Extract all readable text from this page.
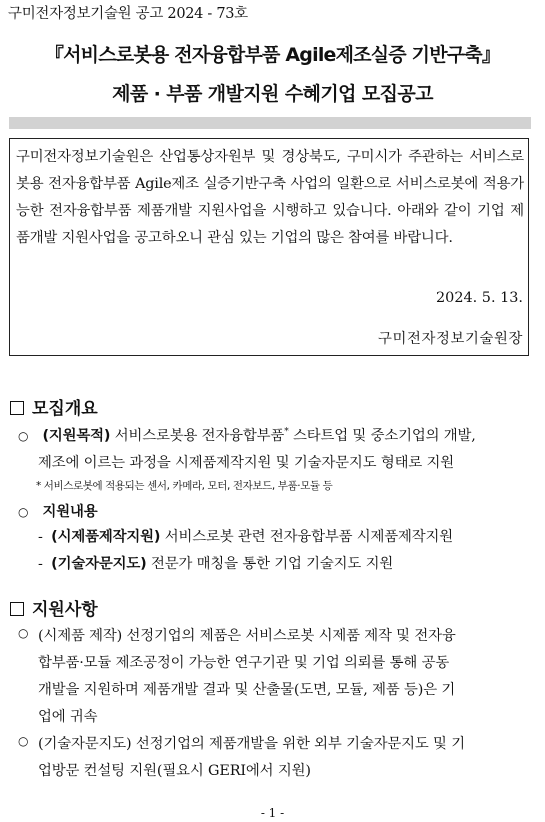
구미전자정보기술원 공고 2024 - 73호
『서비스로봇용 전자융합부품 Agile제조실증 기반구축』
제품 · 부품 개발지원 수혜기업 모집공고
구미전자정보기술원은 산업통상자원부 및 경상북도, 구미시가 주관하는 서비스로봇용 전자융합부품 Agile제조 실증기반구축 사업의 일환으로 서비스로봇에 적용가능한 전자융합부품 제품개발 지원사업을 시행하고 있습니다. 아래와 같이 기업 제품개발 지원사업을 공고하오니 관심 있는 기업의 많은 참여를 바랍니다.
2024. 5. 13.
구미전자정보기술원장
모집개요
○ (지원목적) 서비스로봇용 전자융합부품* 스타트업 및 중소기업의 개발,
제조에 이르는 과정을 시제품제작지원 및 기술자문지도 형태로 지원
* 서비스로봇에 적용되는 센서, 카메라, 모터, 전자보드, 부품·모듈 등
○ 지원내용
- (시제품제작지원) 서비스로봇 관련 전자융합부품 시제품제작지원
- (기술자문지도) 전문가 매칭을 통한 기업 기술지도 지원
지원사항
○ (시제품 제작) 선정기업의 제품은 서비스로봇 시제품 제작 및 전자융
합부품·모듈 제조공정이 가능한 연구기관 및 기업 의뢰를 통해 공동
개발을 지원하며 제품개발 결과 및 산출물(도면, 모듈, 제품 등)은 기
업에 귀속
○ (기술자문지도) 선정기업의 제품개발을 위한 외부 기술자문지도 및 기
업방문 컨설팅 지원(필요시 GERI에서 지원)
- 1 -
